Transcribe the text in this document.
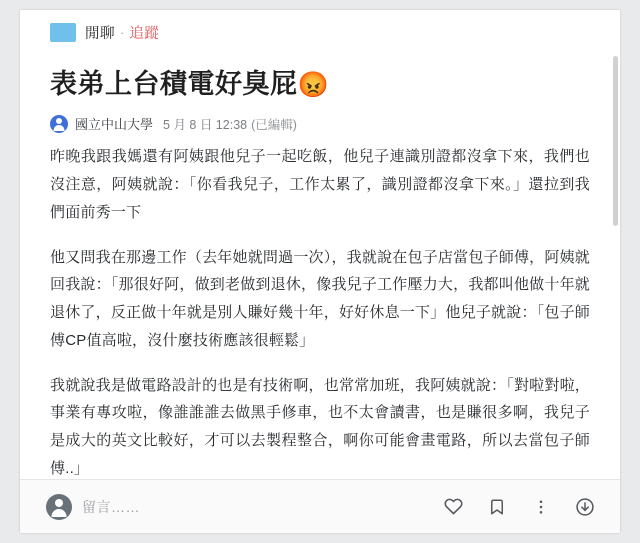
閒聊 · 追蹤
表弟上台積電好臭屁😡
國立中山大學 5 月 8 日 12:38 (已編輯)

昨晚我跟我媽還有阿姨跟他兒子一起吃飯，他兒子連識別證都沒拿下來，我們也沒注意，阿姨就說：「你看我兒子，工作太累了，識別證都沒拿下來。」還拉到我們面前秀一下

他又問我在那邊工作（去年她就問過一次），我就說在包子店當包子師傅，阿姨就回我說：「那很好阿，做到老做到退休，像我兒子工作壓力大，我都叫他做十年就退休了，反正做十年就是別人賺好幾十年，好好休息一下」他兒子就說：「包子師傅CP值高啦，沒什麼技術應該很輕鬆」

我就說我是做電路設計的也是有技術啊，也常常加班，我阿姨就說：「對啦對啦，事業有專攻啦，像誰誰誰去做黑手修車，也不太會讀書，也是賺很多啊，我兒子是成大的英文比較好，才可以去製程整合，啊你可能會畫電路，所以去當包子師傅..」

留言……
